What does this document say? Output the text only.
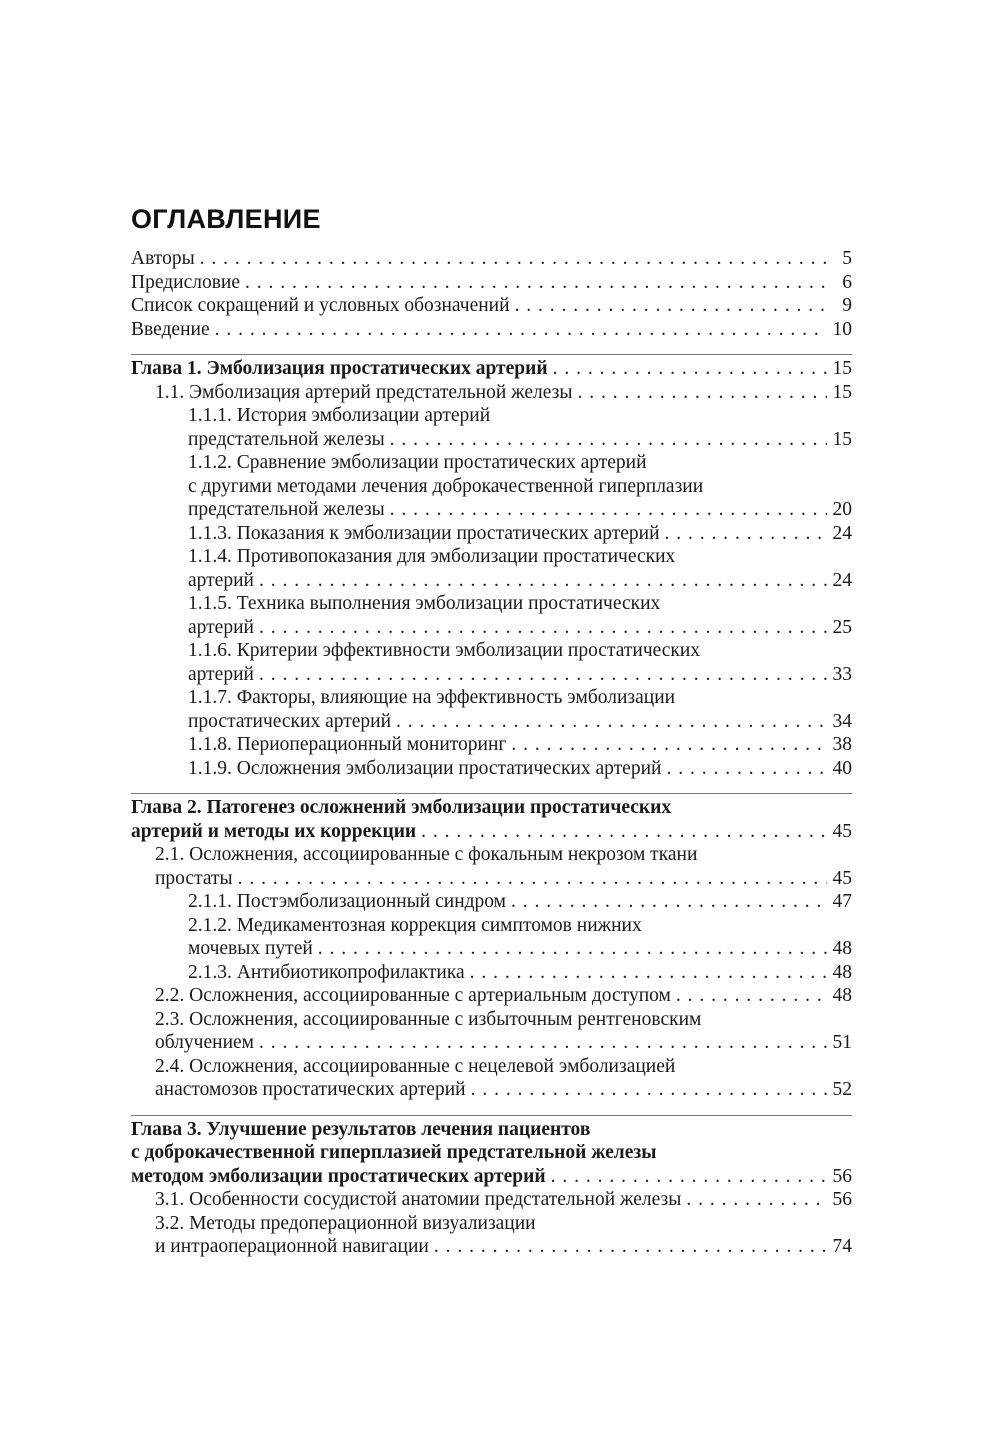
ОГЛАВЛЕНИЕ
Авторы . . .	5
Предисловие . . .	6
Список сокращений и условных обозначений . . .	9
Введение . . .	10
Глава 1. Эмболизация простатических артерий . . .	15
1.1. Эмболизация артерий предстательной железы . . .	15
1.1.1. История эмболизации артерий
предстательной железы . . .	15
1.1.2. Сравнение эмболизации простатических артерий
с другими методами лечения доброкачественной гиперплазии
предстательной железы . . .	20
1.1.3. Показания к эмболизации простатических артерий . . .	24
1.1.4. Противопоказания для эмболизации простатических
артерий . . .	24
1.1.5. Техника выполнения эмболизации простатических
артерий . . .	25
1.1.6. Критерии эффективности эмболизации простатических
артерий . . .	33
1.1.7. Факторы, влияющие на эффективность эмболизации
простатических артерий . . .	34
1.1.8. Периоперационный мониторинг . . .	38
1.1.9. Осложнения эмболизации простатических артерий . . .	40
Глава 2. Патогенез осложнений эмболизации простатических
артерий и методы их коррекции . . .	45
2.1. Осложнения, ассоциированные с фокальным некрозом ткани
простаты . . .	45
2.1.1. Постэмболизационный синдром . . .	47
2.1.2. Медикаментозная коррекция симптомов нижних
мочевых путей . . .	48
2.1.3. Антибиотикопрофилактика . . .	48
2.2. Осложнения, ассоциированные с артериальным доступом . . .	48
2.3. Осложнения, ассоциированные с избыточным рентгеновским
облучением . . .	51
2.4. Осложнения, ассоциированные с нецелевой эмболизацией
анастомозов простатических артерий . . .	52
Глава 3. Улучшение результатов лечения пациентов
с доброкачественной гиперплазией предстательной железы
методом эмболизации простатических артерий . . .	56
3.1. Особенности сосудистой анатомии предстательной железы . . .	56
3.2. Методы предоперационной визуализации
и интраоперационной навигации . . .	74
